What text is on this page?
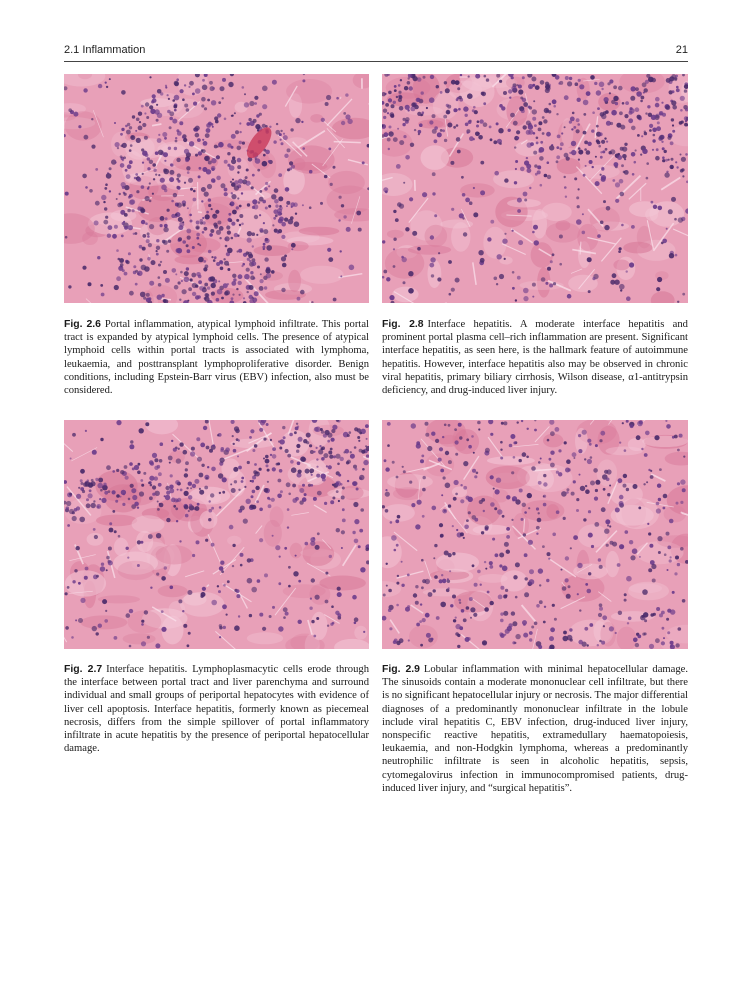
2.1 Inflammation	21
Fig. 2.6 Portal inflammation, atypical lymphoid infiltrate. This portal tract is expanded by atypical lymphoid cells. The presence of atypical lymphoid cells within portal tracts is associated with lymphoma, leukaemia, and posttransplant lymphoproliferative disorder. Benign conditions, including Epstein-Barr virus (EBV) infection, also must be considered.
Fig. 2.8 Interface hepatitis. A moderate interface hepatitis and prominent portal plasma cell–rich inflammation are present. Significant interface hepatitis, as seen here, is the hallmark feature of autoimmune hepatitis. However, interface hepatitis also may be observed in chronic viral hepatitis, primary biliary cirrhosis, Wilson disease, α1-antitrypsin deficiency, and drug-induced liver injury.
Fig. 2.7 Interface hepatitis. Lymphoplasmacytic cells erode through the interface between portal tract and liver parenchyma and surround individual and small groups of periportal hepatocytes with evidence of liver cell apoptosis. Interface hepatitis, formerly known as piecemeal necrosis, differs from the simple spillover of portal inflammatory infiltrate in acute hepatitis by the presence of periportal hepatocellular damage.
Fig. 2.9 Lobular inflammation with minimal hepatocellular damage. The sinusoids contain a moderate mononuclear cell infiltrate, but there is no significant hepatocellular injury or necrosis. The major differential diagnoses of a predominantly mononuclear infiltrate in the lobule include viral hepatitis C, EBV infection, drug-induced liver injury, nonspecific reactive hepatitis, extramedullary haematopoiesis, leukaemia, and non-Hodgkin lymphoma, whereas a predominantly neutrophilic infiltrate is seen in alcoholic hepatitis, sepsis, cytomegalovirus infection in immunocompromised patients, drug-induced liver injury, and “surgical hepatitis”.
